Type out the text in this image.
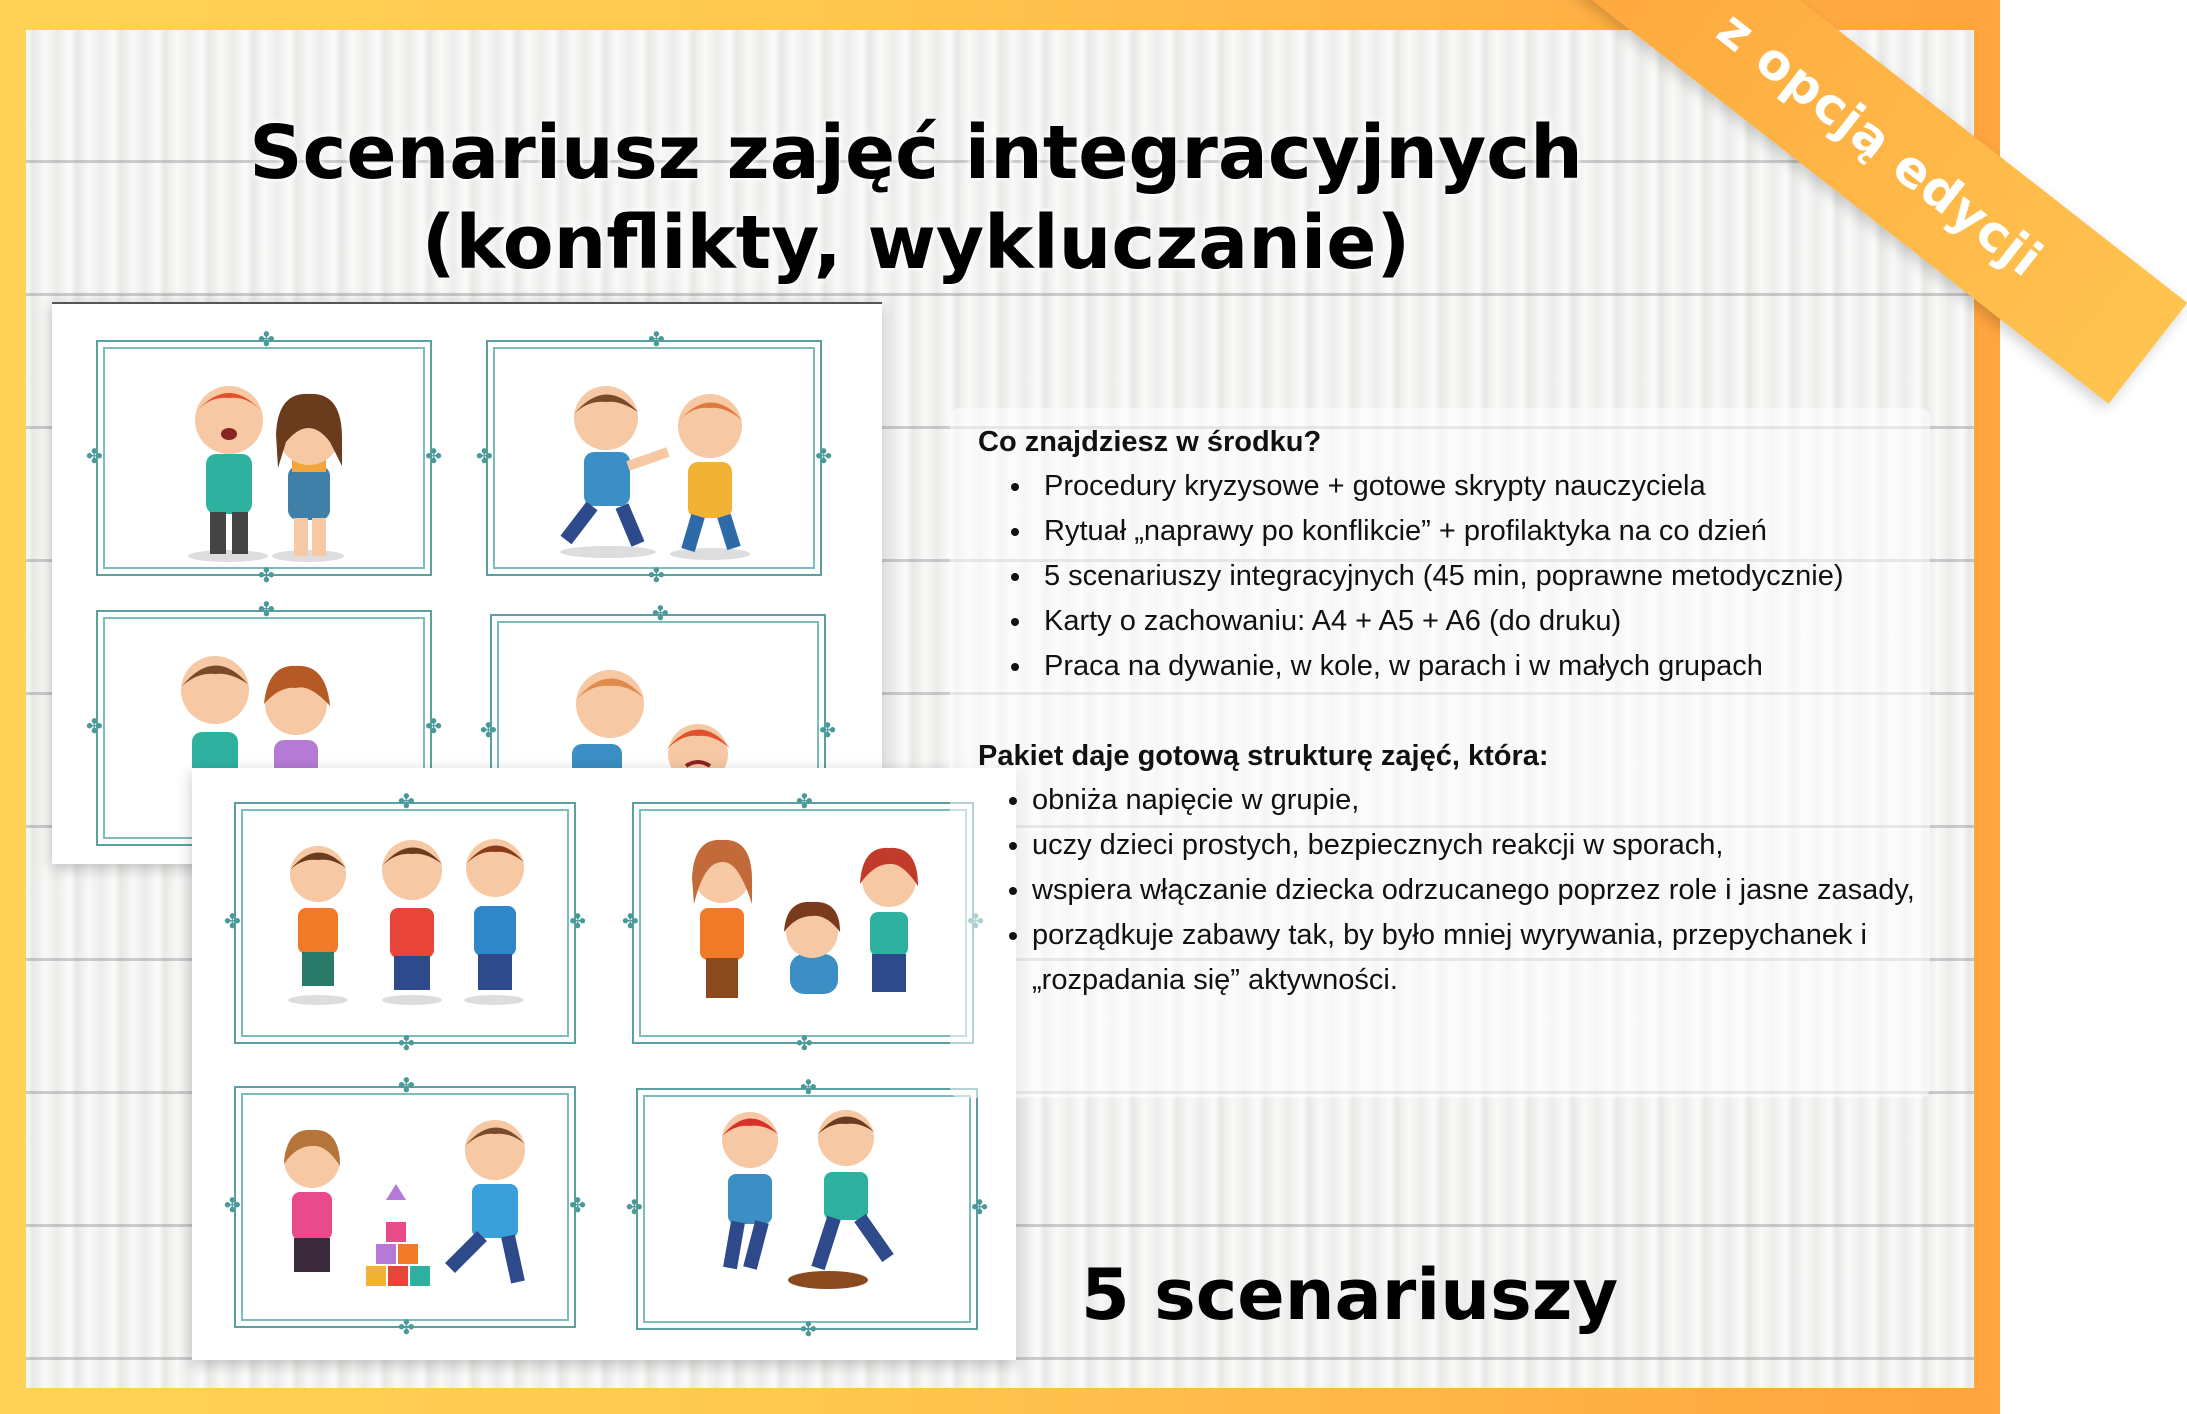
Scenariusz zajęć integracyjnych
(konflikty, wykluczanie)
✤
✤
✤	✤
✤
✤
✤	✤
✤
✤	✤
✤
✤	✤
✤
✤
✤	✤
✤
✤
✤
✤
✤
✤	✤
✤
✤
✤	✤
Co znajdziesz w środku?
• Procedury kryzysowe + gotowe skrypty nauczyciela
• Rytuał „naprawy po konflikcie” + profilaktyka na co dzień
• 5 scenariuszy integracyjnych (45 min, poprawne metodycznie)
• Karty o zachowaniu: A4 + A5 + A6 (do druku)
• Praca na dywanie, w kole, w parach i w małych grupach
Pakiet daje gotową strukturę zajęć, która:
• obniża napięcie w grupie,
• uczy dzieci prostych, bezpiecznych reakcji w sporach,
• wspiera włączanie dziecka odrzucanego poprzez role i jasne zasady,
• porządkuje zabawy tak, by było mniej wyrywania, przepychanek i „rozpadania się” aktywności.

5 scenariuszy

z opcją edycji
